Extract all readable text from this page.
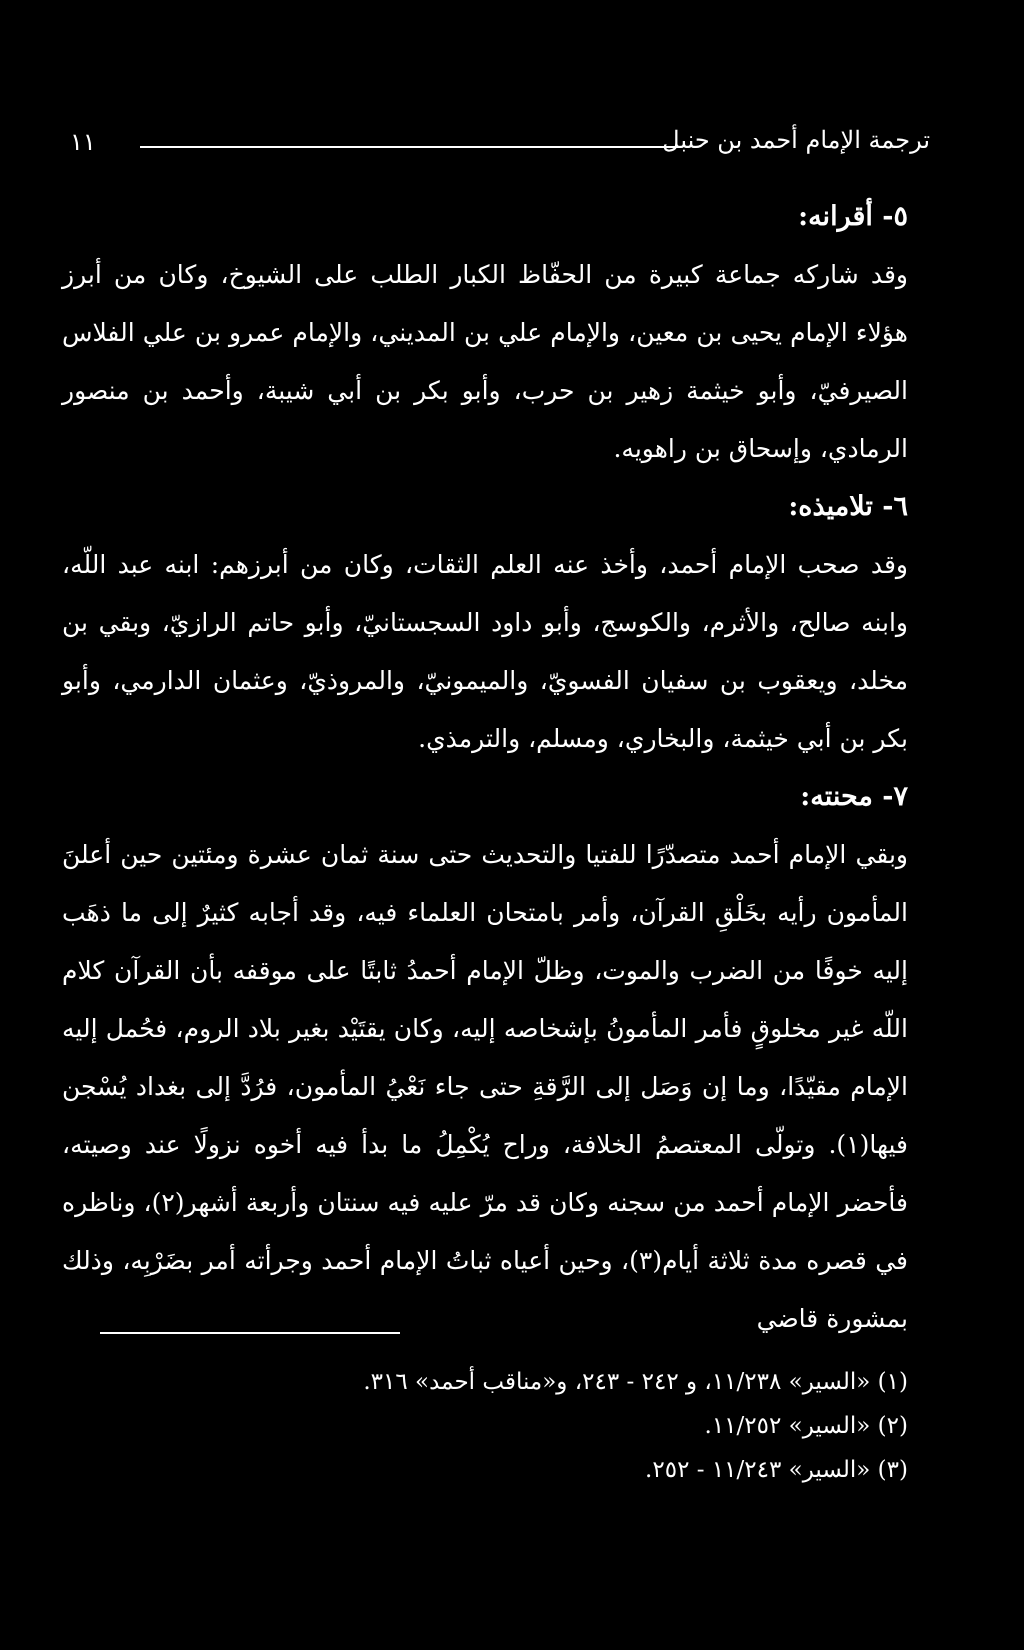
١١	ترجمة الإمام أحمد بن حنبل

٥- أقرانه:

وقد شاركه جماعة كبيرة من الحفّاظ الكبار الطلب على الشيوخ، وكان من أبرز هؤلاء الإمام يحيى بن معين، والإمام علي بن المديني، والإمام عمرو بن علي الفلاس الصيرفيّ، وأبو خيثمة زهير بن حرب، وأبو بكر بن أبي شيبة، وأحمد بن منصور الرمادي، وإسحاق بن راهويه.

٦- تلاميذه:

وقد صحب الإمام أحمد، وأخذ عنه العلم الثقات، وكان من أبرزهم: ابنه عبد اللّه، وابنه صالح، والأثرم، والكوسج، وأبو داود السجستانيّ، وأبو حاتم الرازيّ، وبقي بن مخلد، ويعقوب بن سفيان الفسويّ، والميمونيّ، والمروذيّ، وعثمان الدارمي، وأبو بكر بن أبي خيثمة، والبخاري، ومسلم، والترمذي.

٧- محنته:

وبقي الإمام أحمد متصدّرًا للفتيا والتحديث حتى سنة ثمان عشرة ومئتين حين أعلنَ المأمون رأيه بخَلْقِ القرآن، وأمر بامتحان العلماء فيه، وقد أجابه كثيرٌ إلى ما ذهَب إليه خوفًا من الضرب والموت، وظلّ الإمام أحمدُ ثابتًا على موقفه بأن القرآن كلام اللّه غير مخلوقٍ فأمر المأمونُ بإشخاصه إليه، وكان يقتَيْد بغير بلاد الروم، فحُمل إليه الإمام مقيّدًا، وما إن وَصَل إلى الرَّقةِ حتى جاء نَعْيُ المأمون، فرُدَّ إلى بغداد يُسْجن فيها(١). وتولّى المعتصمُ الخلافة، وراح يُكْمِلُ ما بدأ فيه أخوه نزولًا عند وصيته، فأحضر الإمام أحمد من سجنه وكان قد مرّ عليه فيه سنتان وأربعة أشهر(٢)، وناظره في قصره مدة ثلاثة أيام(٣)، وحين أعياه ثباتُ الإمام أحمد وجرأته أمر بضَرْبِه، وذلك بمشورة قاضي

(١) «السير» ١١/٢٣٨، و ٢٤٢ - ٢٤٣، و«مناقب أحمد» ٣١٦.

(٢) «السير» ١١/٢٥٢.

(٣) «السير» ١١/٢٤٣ - ٢٥٢.
